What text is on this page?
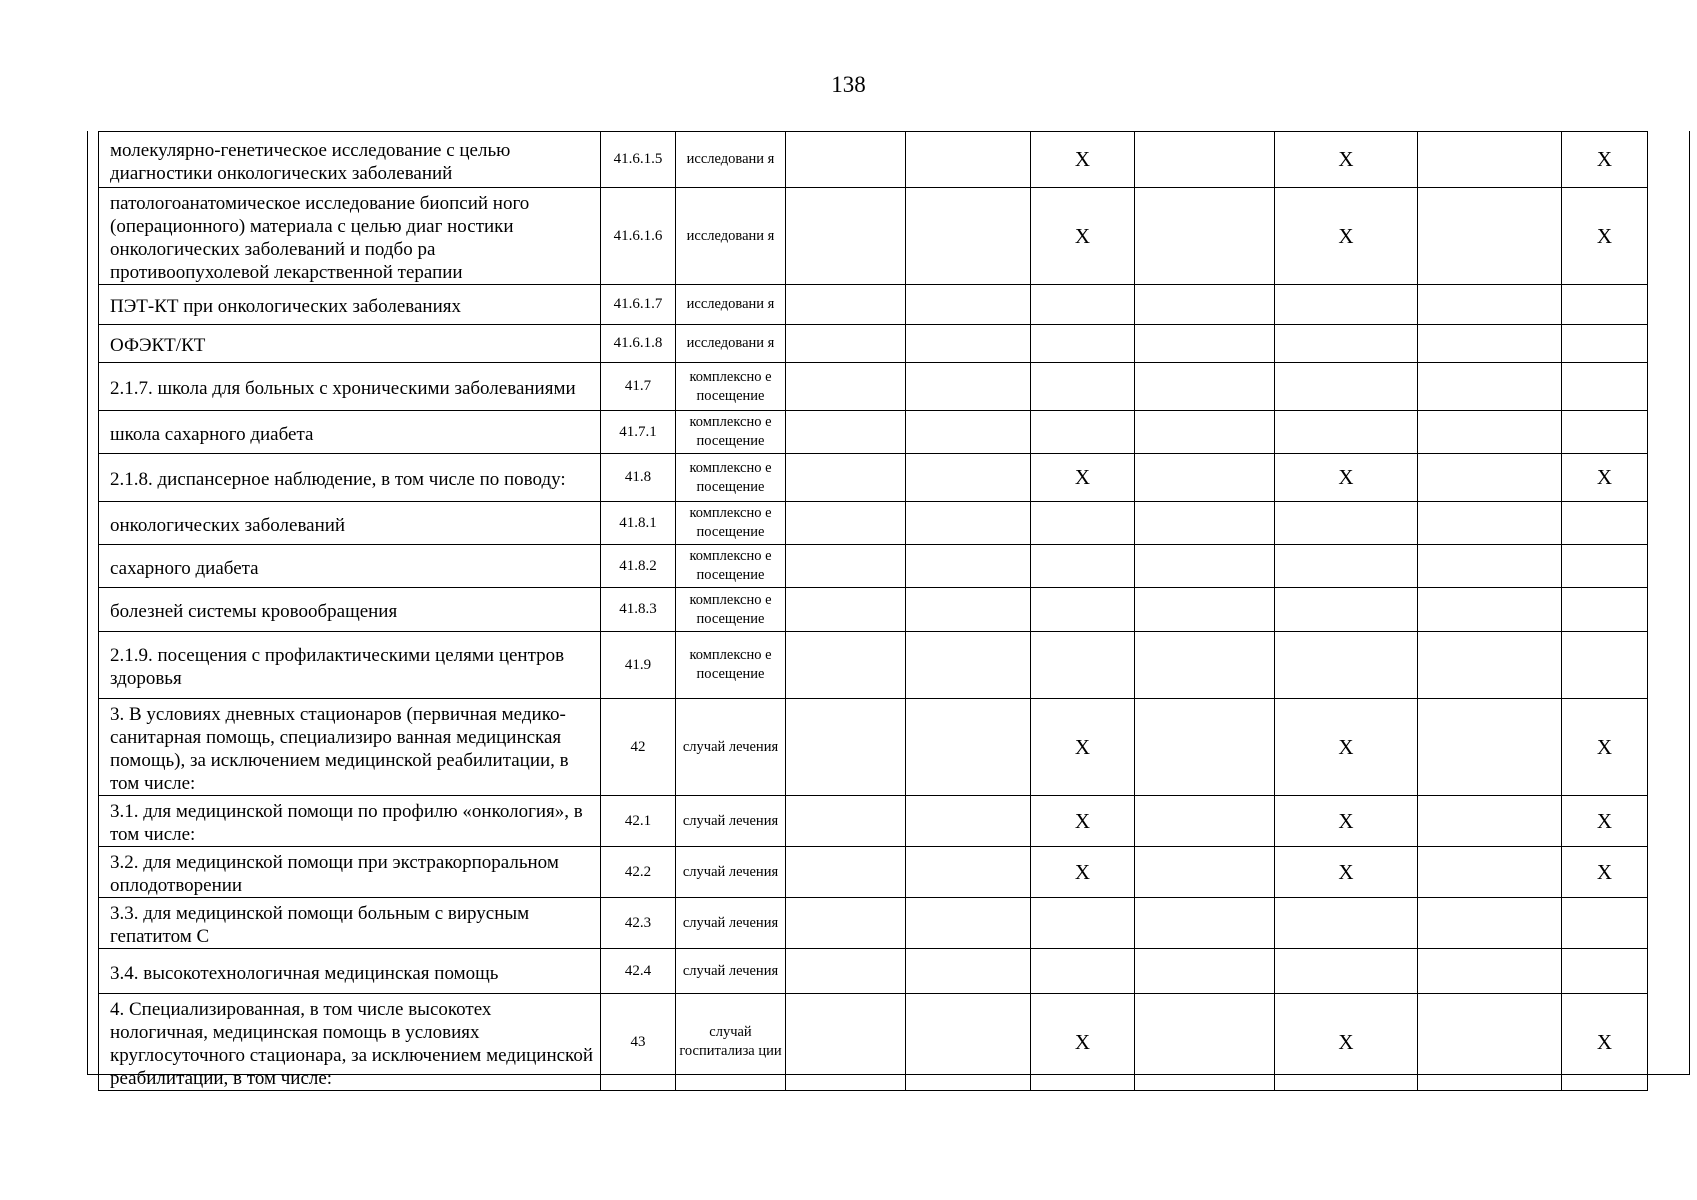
138
молекулярно-генетическое исследование с целью диагностики онкологических заболеваний	41.6.1.5	исследовани я			X		X		X
патологоанатомическое исследование биопсий ного (операционного) материала с целью диаг ностики онкологических заболеваний и подбо ра противоопухолевой лекарственной терапии	41.6.1.6	исследовани я			X		X		X
ПЭТ-КТ при онкологических заболеваниях	41.6.1.7	исследовани я							
ОФЭКТ/КТ	41.6.1.8	исследовани я							
2.1.7. школа для больных с хроническими заболеваниями	41.7	комплексно е посещение							
школа сахарного диабета	41.7.1	комплексно е посещение							
2.1.8. диспансерное наблюдение, в том числе по поводу:	41.8	комплексно е посещение			X		X		X
онкологических заболеваний	41.8.1	комплексно е посещение							
сахарного диабета	41.8.2	комплексно е посещение							
болезней системы кровообращения	41.8.3	комплексно е посещение							
2.1.9. посещения с профилактическими целями центров здоровья	41.9	комплексно е посещение							
3. В условиях дневных стационаров (первичная медико-санитарная помощь, специализиро ванная медицинская помощь), за исключением медицинской реабилитации, в том числе:	42	случай лечения			X		X		X
3.1. для медицинской помощи по профилю «онкология», в том числе:	42.1	случай лечения			X		X		X
3.2. для медицинской помощи при экстракорпоральном оплодотворении	42.2	случай лечения			X		X		X
3.3. для медицинской помощи больным с вирусным гепатитом С	42.3	случай лечения							
3.4. высокотехнологичная медицинская помощь	42.4	случай лечения							
4. Специализированная, в том числе высокотех нологичная, медицинская помощь в условиях круглосуточного стационара, за исключением медицинской реабилитации, в том числе:	43	случай госпитализа ции			X		X		X
